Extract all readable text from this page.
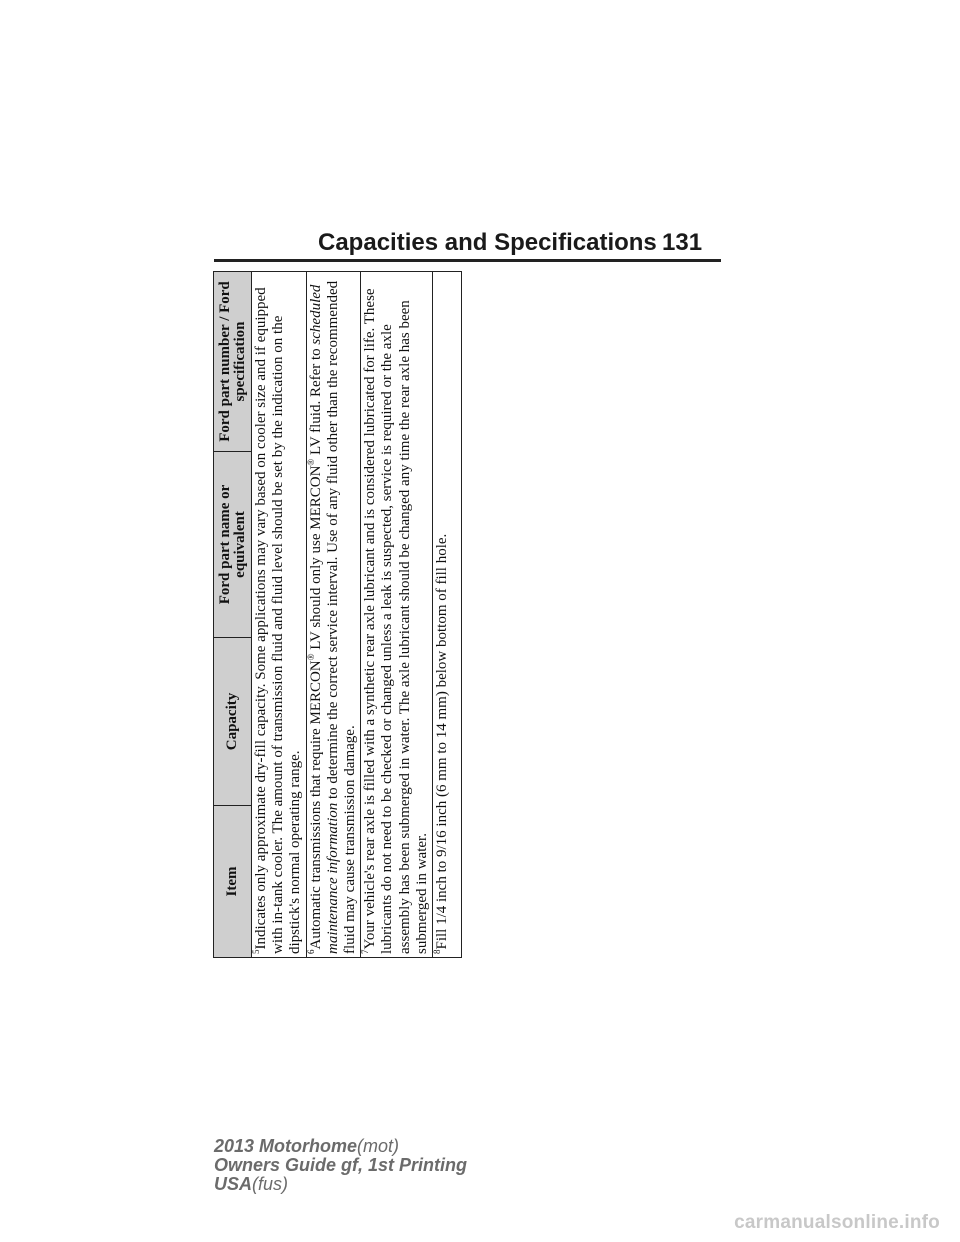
Capacities and Specifications 131
Item	Capacity	Ford part name or equivalent	Ford part number / Ford specification
$^5$Indicates only approximate dry-fill capacity. Some applications may vary based on cooler size and if equipped with in-tank cooler. The amount of transmission fluid and fluid level should be set by the indication on the dipstick's normal operating range.
$^6$Automatic transmissions that require MERCON® LV should only use MERCON® LV fluid. Refer to scheduled maintenance information to determine the correct service interval. Use of any fluid other than the recommended fluid may cause transmission damage.
$^7$Your vehicle's rear axle is filled with a synthetic rear axle lubricant and is considered lubricated for life. These lubricants do not need to be checked or changed unless a leak is suspected, service is required or the axle assembly has been submerged in water. The axle lubricant should be changed any time the rear axle has been submerged in water.
$^8$Fill 1/4 inch to 9/16 inch (6 mm to 14 mm) below bottom of fill hole.
2013 Motorhome(mot)
Owners Guide gf, 1st Printing
USA(fus)
carmanualsonline.info
